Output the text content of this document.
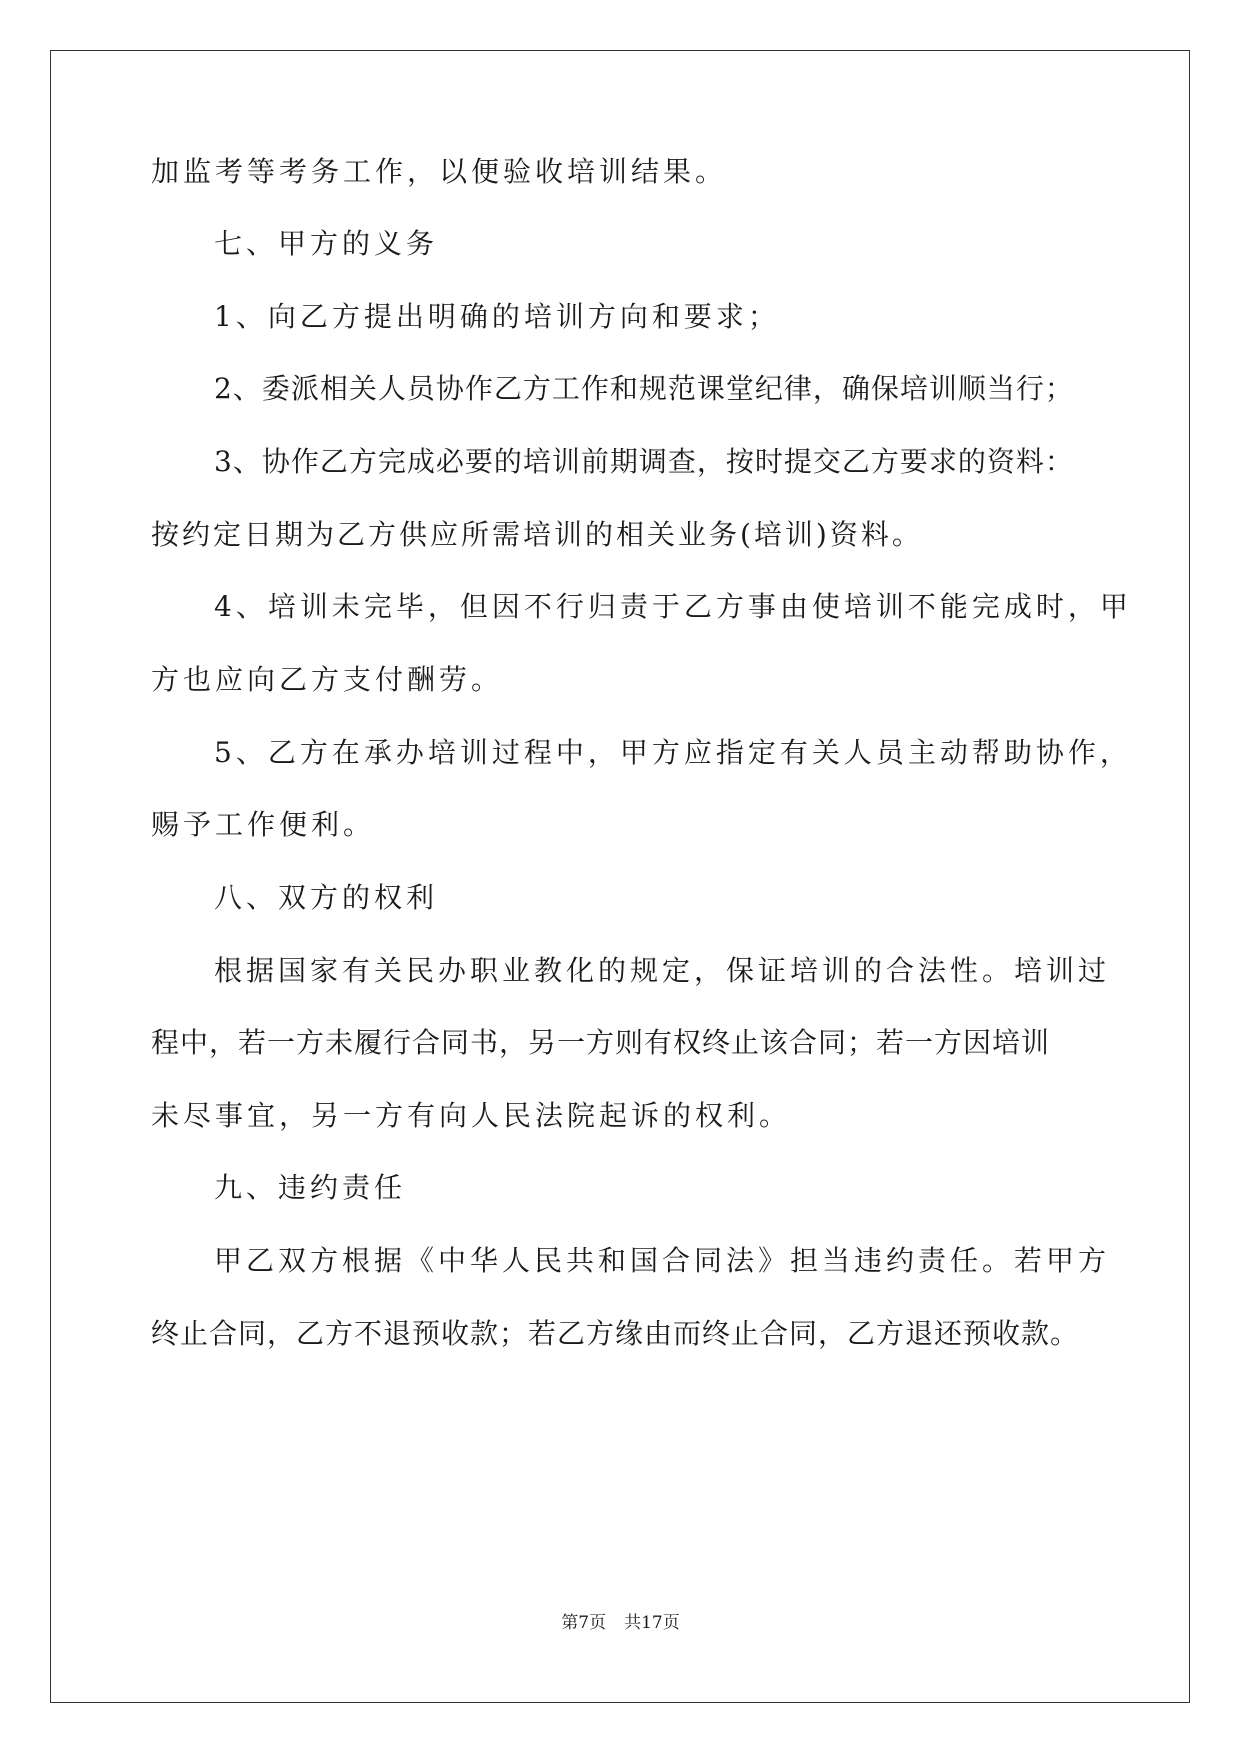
加监考等考务工作，以便验收培训结果。
七、甲方的义务
1、向乙方提出明确的培训方向和要求；
2、委派相关人员协作乙方工作和规范课堂纪律，确保培训顺当行；
3、协作乙方完成必要的培训前期调查，按时提交乙方要求的资料：
按约定日期为乙方供应所需培训的相关业务(培训)资料。
4、培训未完毕，但因不行归责于乙方事由使培训不能完成时，甲
方也应向乙方支付酬劳。
5、乙方在承办培训过程中，甲方应指定有关人员主动帮助协作，
赐予工作便利。
八、双方的权利
根据国家有关民办职业教化的规定，保证培训的合法性。培训过
程中，若一方未履行合同书，另一方则有权终止该合同；若一方因培训
未尽事宜，另一方有向人民法院起诉的权利。
九、违约责任
甲乙双方根据《中华人民共和国合同法》担当违约责任。若甲方
终止合同，乙方不退预收款；若乙方缘由而终止合同，乙方退还预收款。
第7页 共17页
